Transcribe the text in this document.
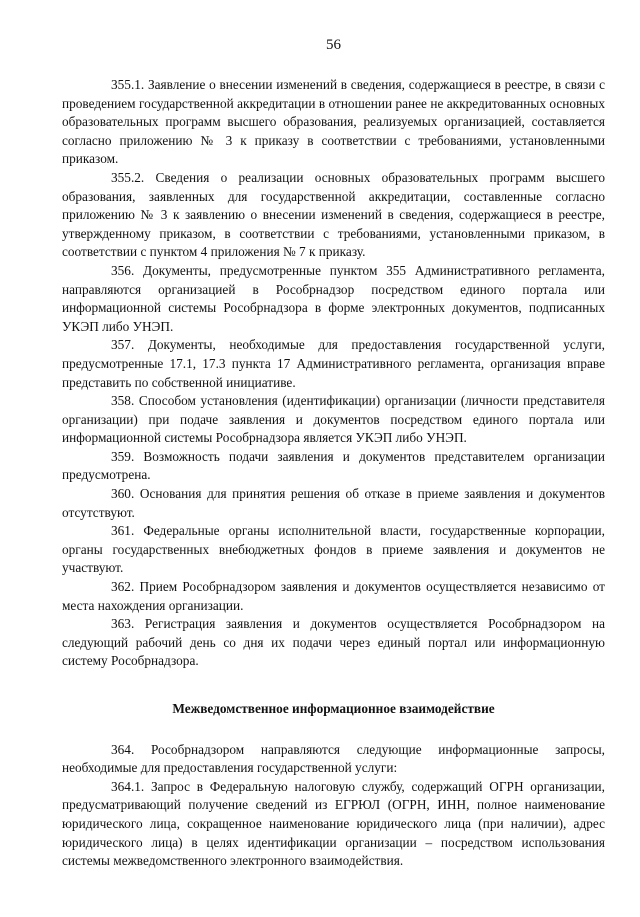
56

355.1. Заявление о внесении изменений в сведения, содержащиеся в реестре, в связи с проведением государственной аккредитации в отношении ранее не аккредитованных основных образовательных программ высшего образования, реализуемых организацией, составляется согласно приложению № 3 к приказу в соответствии с требованиями, установленными приказом.

355.2. Сведения о реализации основных образовательных программ высшего образования, заявленных для государственной аккредитации, составленные согласно приложению № 3 к заявлению о внесении изменений в сведения, содержащиеся в реестре, утвержденному приказом, в соответствии с требованиями, установленными приказом, в соответствии с пунктом 4 приложения № 7 к приказу.

356. Документы, предусмотренные пунктом 355 Административного регламента, направляются организацией в Рособрнадзор посредством единого портала или информационной системы Рособрнадзора в форме электронных документов, подписанных УКЭП либо УНЭП.

357. Документы, необходимые для предоставления государственной услуги, предусмотренные 17.1, 17.3 пункта 17 Административного регламента, организация вправе представить по собственной инициативе.

358. Способом установления (идентификации) организации (личности представителя организации) при подаче заявления и документов посредством единого портала или информационной системы Рособрнадзора является УКЭП либо УНЭП.

359. Возможность подачи заявления и документов представителем организации предусмотрена.

360. Основания для принятия решения об отказе в приеме заявления и документов отсутствуют.

361. Федеральные органы исполнительной власти, государственные корпорации, органы государственных внебюджетных фондов в приеме заявления и документов не участвуют.

362. Прием Рособрнадзором заявления и документов осуществляется независимо от места нахождения организации.

363. Регистрация заявления и документов осуществляется Рособрнадзором на следующий рабочий день со дня их подачи через единый портал или информационную систему Рособрнадзора.

Межведомственное информационное взаимодействие

364. Рособрнадзором направляются следующие информационные запросы, необходимые для предоставления государственной услуги:

364.1. Запрос в Федеральную налоговую службу, содержащий ОГРН организации, предусматривающий получение сведений из ЕГРЮЛ (ОГРН, ИНН, полное наименование юридического лица, сокращенное наименование юридического лица (при наличии), адрес юридического лица) в целях идентификации организации – посредством использования системы межведомственного электронного взаимодействия.
